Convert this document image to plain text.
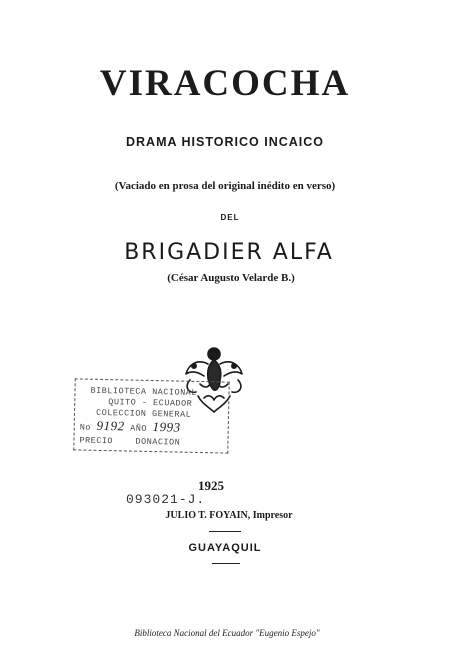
VIRACOCHA
DRAMA HISTORICO INCAICO
(Vaciado en prosa del original inédito en verso)
DEL
BRIGADIER ALFA
(César Augusto Velarde B.)
BIBLIOTECA NACIONAL
QUITO - ECUADOR
COLECCION GENERAL
No 9192 AÑO 1993
PRECIO	DONACION
1925
093021-J.
JULIO T. FOYAIN, Impresor
GUAYAQUIL
Biblioteca Nacional del Ecuador "Eugenio Espejo"
